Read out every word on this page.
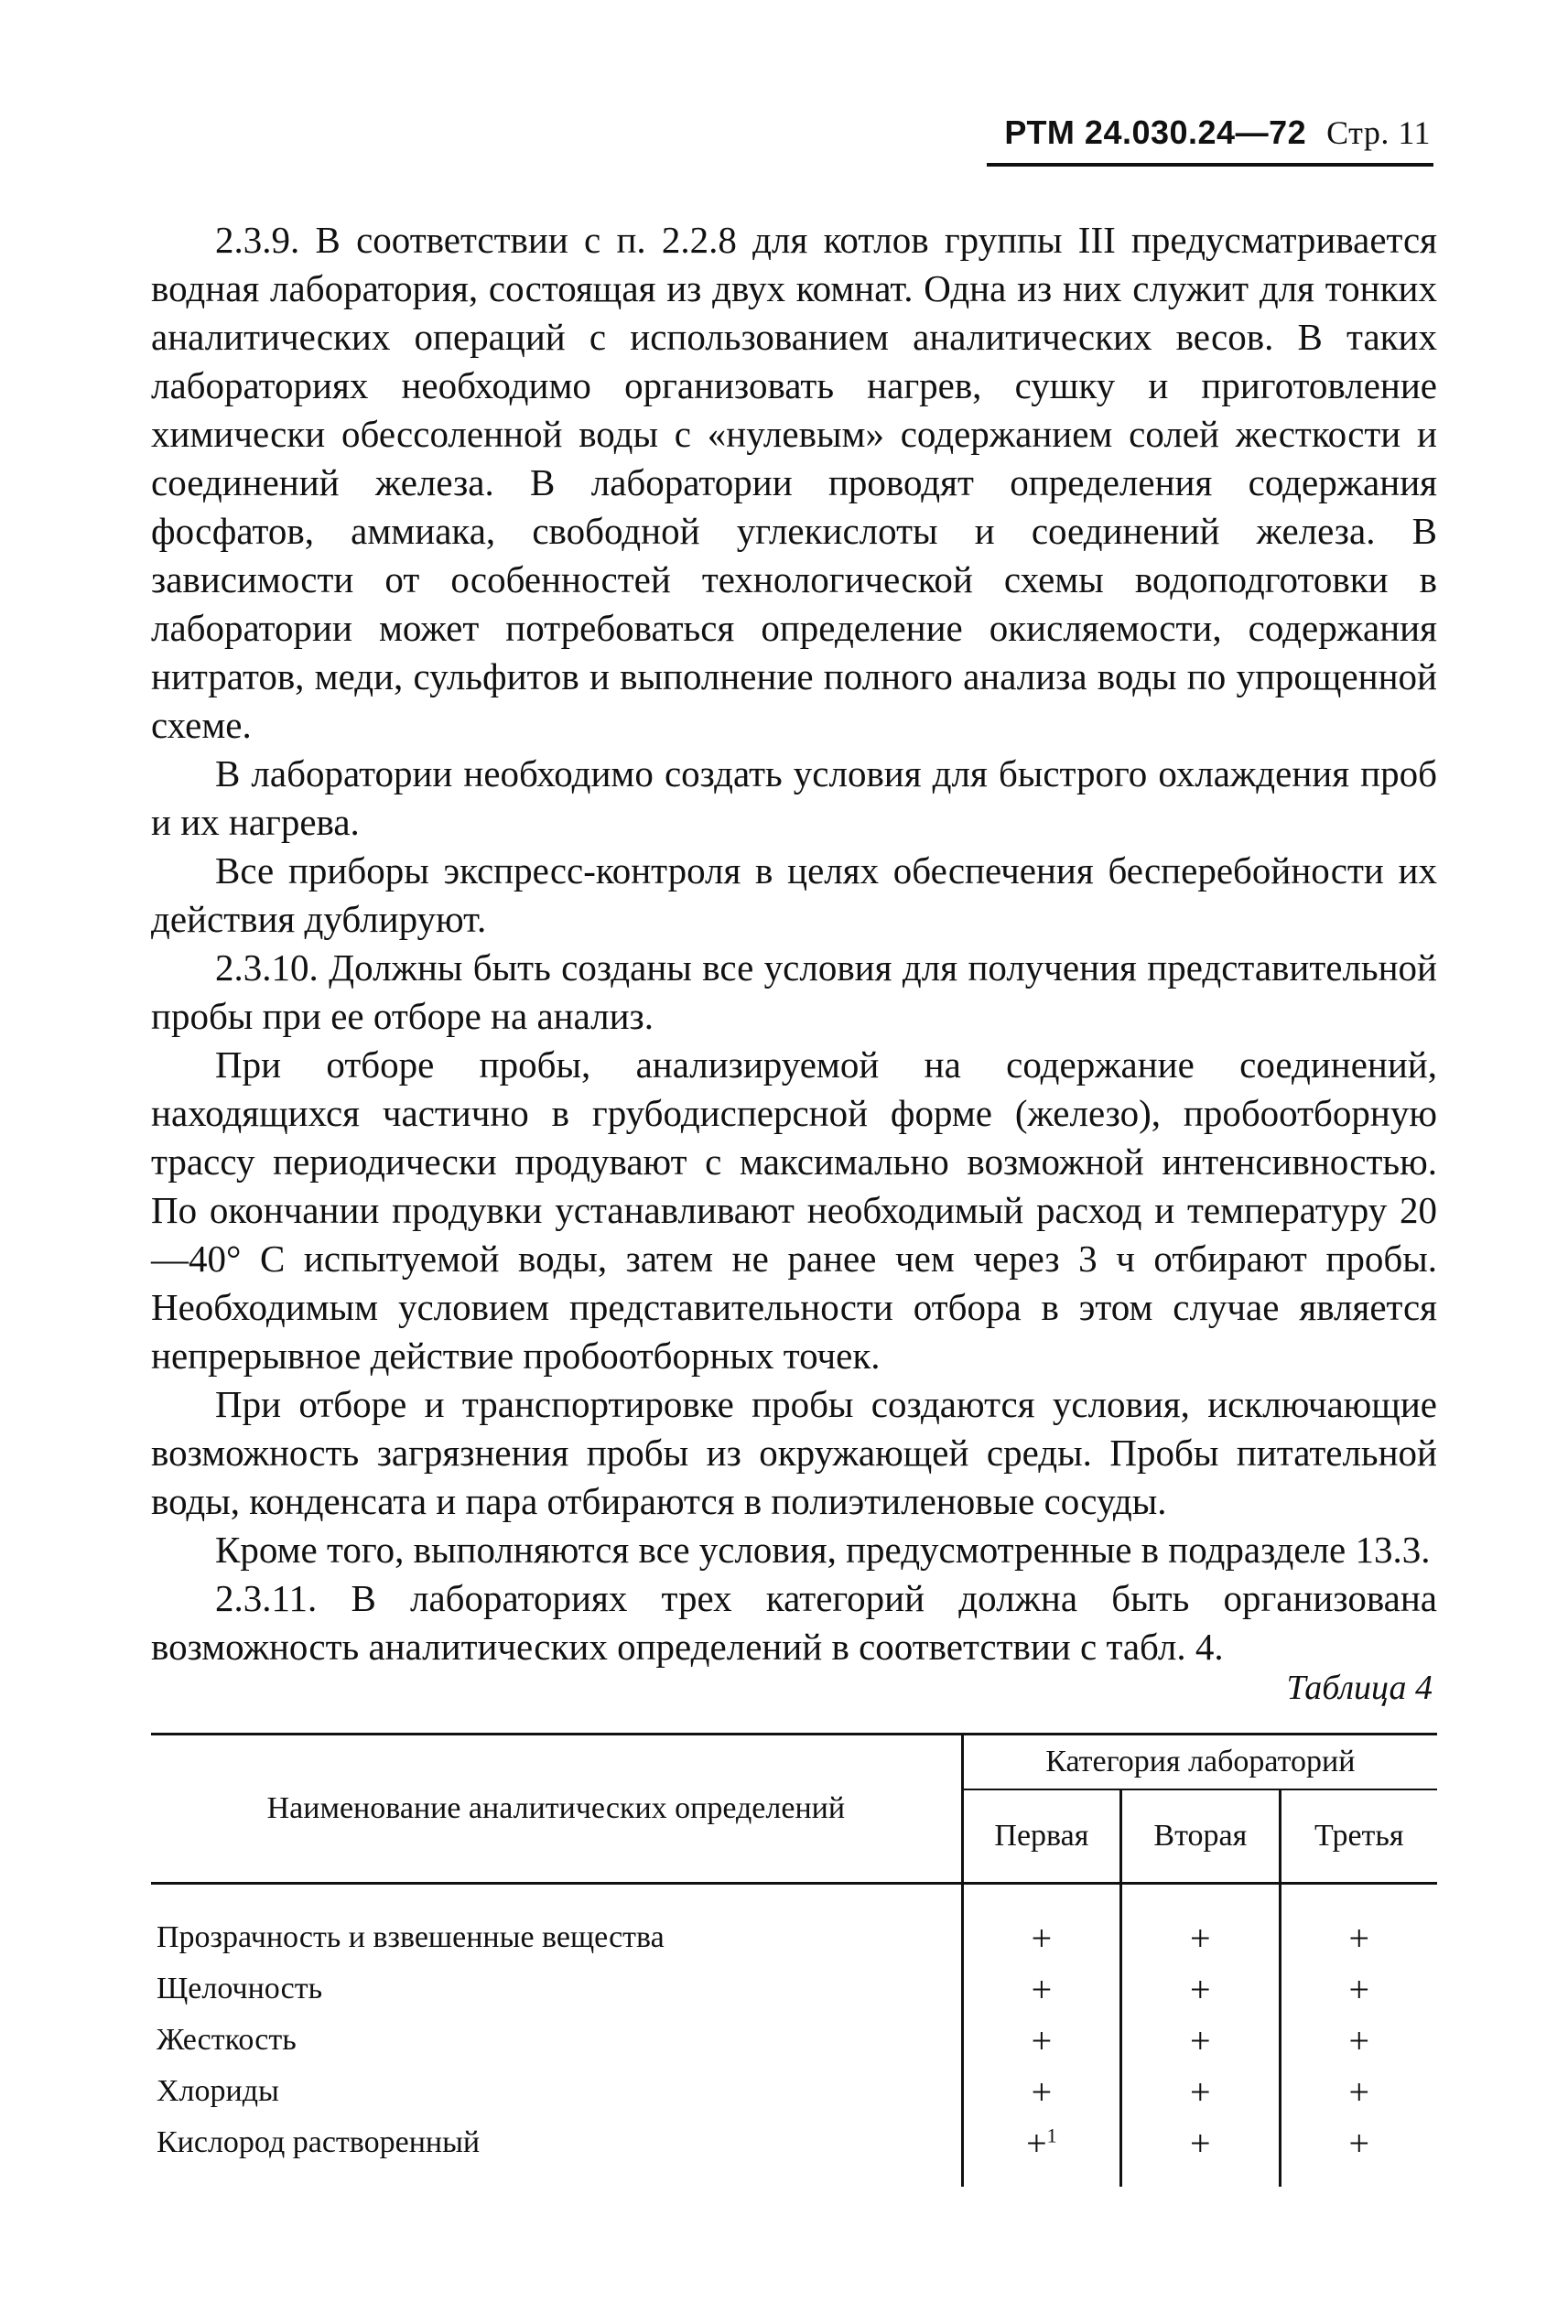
РТМ 24.030.24—72 Стр. 11

2.3.9. В соответствии с п. 2.2.8 для котлов группы III предусматривается водная лаборатория, состоящая из двух комнат. Одна из них служит для тонких аналитических операций с использованием аналитических весов. В таких лабораториях необходимо организовать нагрев, сушку и приготовление химически обессоленной воды с «нулевым» содержанием солей жесткости и соединений железа. В лаборатории проводят определения содержания фосфатов, аммиака, свободной углекислоты и соединений железа. В зависимости от особенностей технологической схемы водоподготовки в лаборатории может потребоваться определение окисляемости, содержания нитратов, меди, сульфитов и выполнение полного анализа воды по упрощенной схеме.

В лаборатории необходимо создать условия для быстрого охлаждения проб и их нагрева.

Все приборы экспресс-контроля в целях обеспечения бесперебойности их действия дублируют.

2.3.10. Должны быть созданы все условия для получения представительной пробы при ее отборе на анализ.

При отборе пробы, анализируемой на содержание соединений, находящихся частично в грубодисперсной форме (железо), пробоотборную трассу периодически продувают с максимально возможной интенсивностью. По окончании продувки устанавливают необходимый расход и температуру 20—40° С испытуемой воды, затем не ранее чем через 3 ч отбирают пробы. Необходимым условием представительности отбора в этом случае является непрерывное действие пробоотборных точек.

При отборе и транспортировке пробы создаются условия, исключающие возможность загрязнения пробы из окружающей среды. Пробы питательной воды, конденсата и пара отбираются в полиэтиленовые сосуды.

Кроме того, выполняются все условия, предусмотренные в подразделе 13.3.

2.3.11. В лабораториях трех категорий должна быть организована возможность аналитических определений в соответствии с табл. 4.

Таблица 4
Наименование аналитических определений	Категория лабораторий		
	Первая	Вторая	Третья
Прозрачность и взвешенные вещества	+	+	+
Щелочность	+	+	+
Жесткость	+	+	+
Хлориды	+	+	+
Кислород растворенный	+$^1$	+	+
